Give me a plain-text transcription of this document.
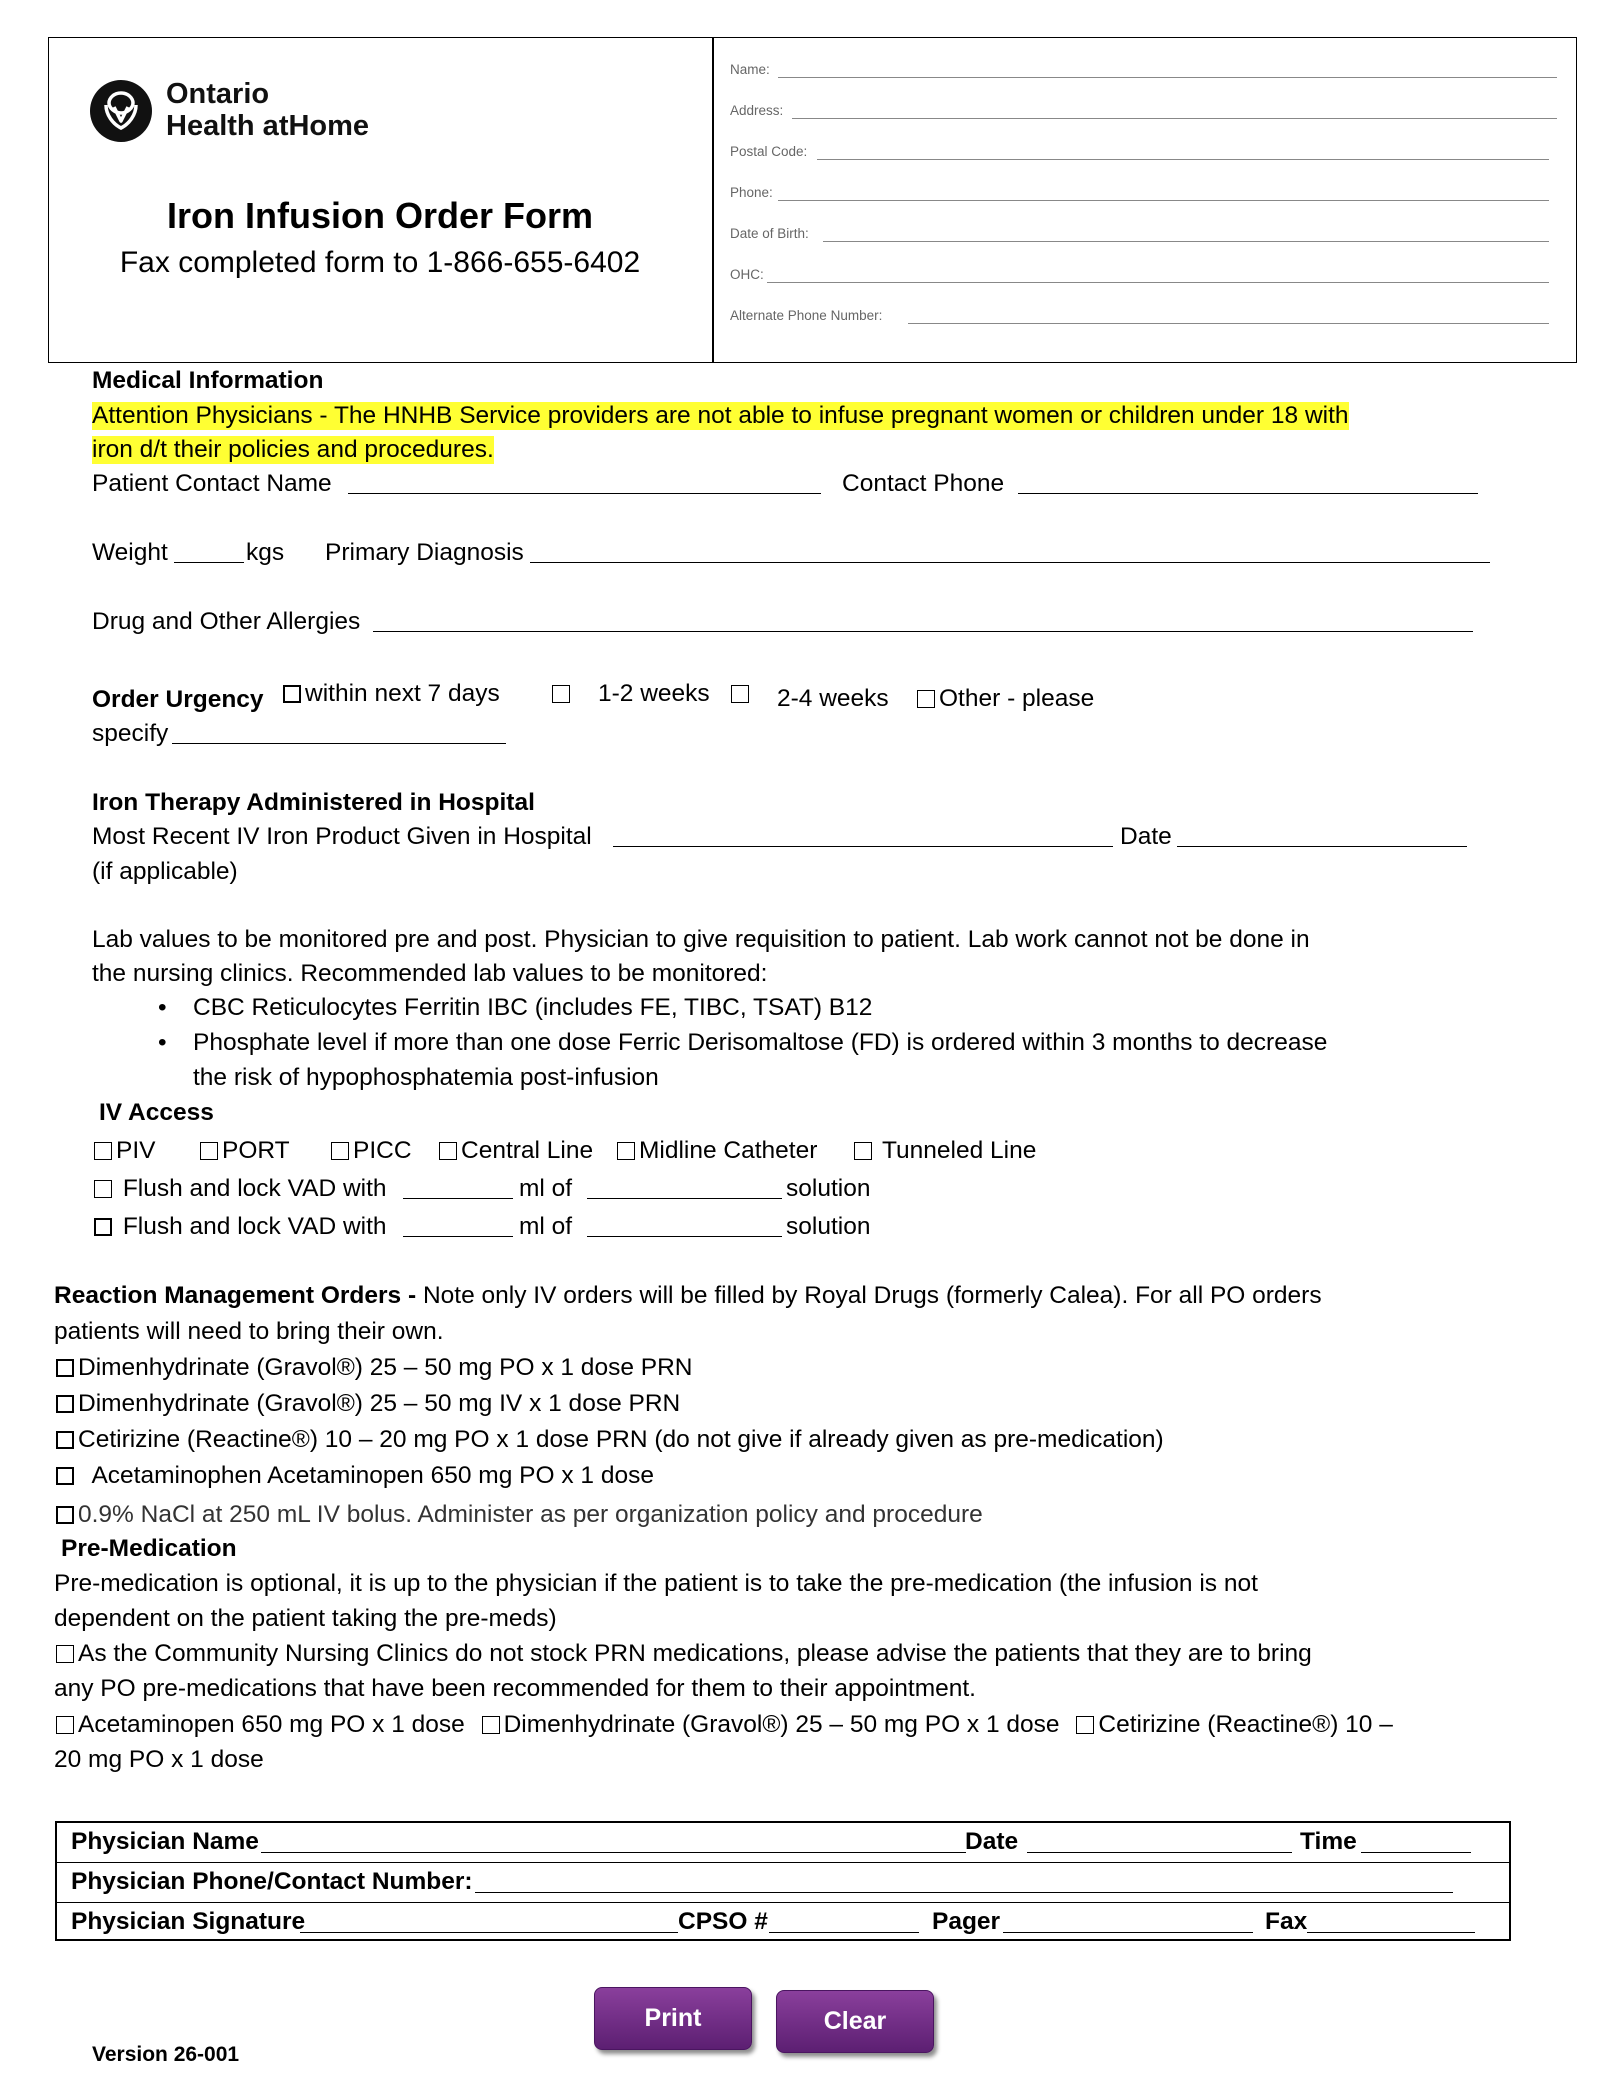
Ontario
Health atHome
Iron Infusion Order Form
Fax completed form to 1-866-655-6402
Name:
Address:
Postal Code:
Phone:
Date of Birth:
OHC:
Alternate Phone Number:
Medical Information
Attention Physicians - The HNHB Service providers are not able to infuse pregnant women or children under 18 with
iron d/t their policies and procedures.
Patient Contact Name	Contact Phone
Weight	kgs Primary Diagnosis
Drug and Other Allergies
Order Urgency	within next 7 days	1-2 weeks	2-4 weeks	Other - please
specify
Iron Therapy Administered in Hospital
Most Recent IV Iron Product Given in Hospital	Date
(if applicable)
Lab values to be monitored pre and post. Physician to give requisition to patient. Lab work cannot not be done in
the nursing clinics. Recommended lab values to be monitored:
• CBC Reticulocytes Ferritin IBC (includes FE, TIBC, TSAT) B12
• Phosphate level if more than one dose Ferric Derisomaltose (FD) is ordered within 3 months to decrease
the risk of hypophosphatemia post-infusion
IV Access
PIV	PORT	PICC	Central Line	Midline Catheter	Tunneled Line
Flush and lock VAD with	ml of	solution
Flush and lock VAD with	ml of	solution
Reaction Management Orders - Note only IV orders will be filled by Royal Drugs (formerly Calea). For all PO orders
patients will need to bring their own.
Dimenhydrinate (Gravol®) 25 – 50 mg PO x 1 dose PRN
Dimenhydrinate (Gravol®) 25 – 50 mg IV x 1 dose PRN
Cetirizine (Reactine®) 10 – 20 mg PO x 1 dose PRN (do not give if already given as pre-medication)
Acetaminophen Acetaminopen 650 mg PO x 1 dose
0.9% NaCl at 250 mL IV bolus. Administer as per organization policy and procedure
Pre-Medication
Pre-medication is optional, it is up to the physician if the patient is to take the pre-medication (the infusion is not
dependent on the patient taking the pre-meds)
As the Community Nursing Clinics do not stock PRN medications, please advise the patients that they are to bring
any PO pre-medications that have been recommended for them to their appointment.
Acetaminopen 650 mg PO x 1 dose Dimenhydrinate (Gravol®) 25 – 50 mg PO x 1 dose Cetirizine (Reactine®) 10 –
20 mg PO x 1 dose
Physician Name	Date	Time
Physician Phone/Contact Number:
Physician Signature	CPSO #	Pager	Fax
Print	Clear
Version 26-001
